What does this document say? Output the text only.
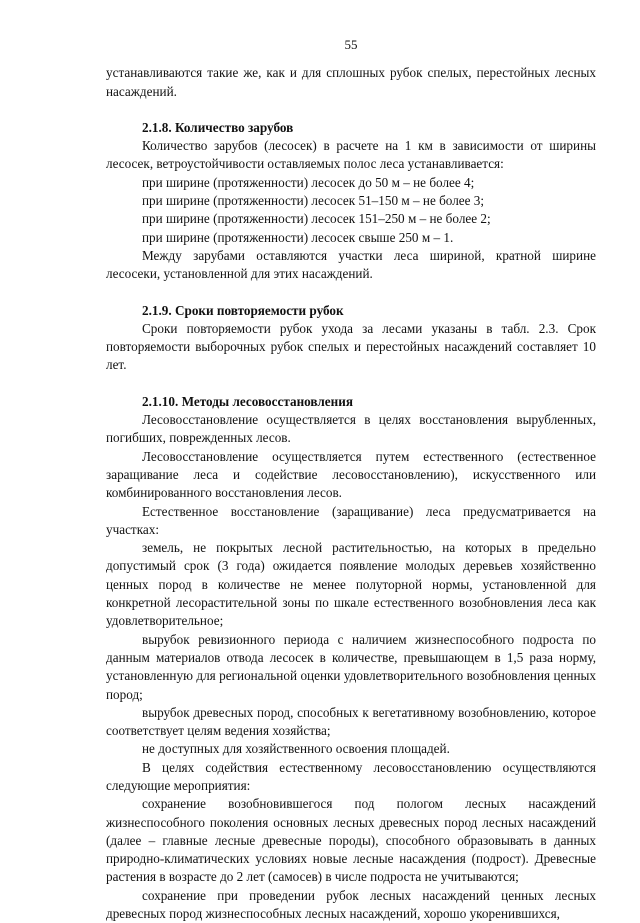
55

устанавливаются такие же, как и для сплошных рубок спелых, перестойных лесных насаждений.

2.1.8. Количество зарубов

Количество зарубов (лесосек) в расчете на 1 км в зависимости от ширины лесосек, ветроустойчивости оставляемых полос леса устанавливается:

при ширине (протяженности) лесосек до 50 м – не более 4;

при ширине (протяженности) лесосек 51–150 м – не более 3;

при ширине (протяженности) лесосек 151–250 м – не более 2;

при ширине (протяженности) лесосек свыше 250 м – 1.

Между зарубами оставляются участки леса шириной, кратной ширине лесосеки, установленной для этих насаждений.

2.1.9. Сроки повторяемости рубок

Сроки повторяемости рубок ухода за лесами указаны в табл. 2.3. Срок повторяемости выборочных рубок спелых и перестойных насаждений составляет 10 лет.

2.1.10. Методы лесовосстановления

Лесовосстановление осуществляется в целях восстановления вырубленных, погибших, поврежденных лесов.

Лесовосстановление осуществляется путем естественного (естественное заращивание леса и содействие лесовосстановлению), искусственного или комбинированного восстановления лесов.

Естественное восстановление (заращивание) леса предусматривается на участках:

земель, не покрытых лесной растительностью, на которых в предельно допустимый срок (3 года) ожидается появление молодых деревьев хозяйственно ценных пород в количестве не менее полуторной нормы, установленной для конкретной лесорастительной зоны по шкале естественного возобновления леса как удовлетворительное;

вырубок ревизионного периода с наличием жизнеспособного подроста по данным материалов отвода лесосек в количестве, превышающем в 1,5 раза норму, установленную для региональной оценки удовлетворительного возобновления ценных пород;

вырубок древесных пород, способных к вегетативному возобновлению, которое соответствует целям ведения хозяйства;

не доступных для хозяйственного освоения площадей.

В целях содействия естественному лесовосстановлению осуществляются следующие мероприятия:

сохранение возобновившегося под пологом лесных насаждений жизнеспособного поколения основных лесных древесных пород лесных насаждений (далее – главные лесные древесные породы), способного образовывать в данных природно-климатических условиях новые лесные насаждения (подрост). Древесные растения в возрасте до 2 лет (самосев) в числе подроста не учитываются;

сохранение при проведении рубок лесных насаждений ценных лесных древесных пород жизнеспособных лесных насаждений, хорошо укоренившихся,
